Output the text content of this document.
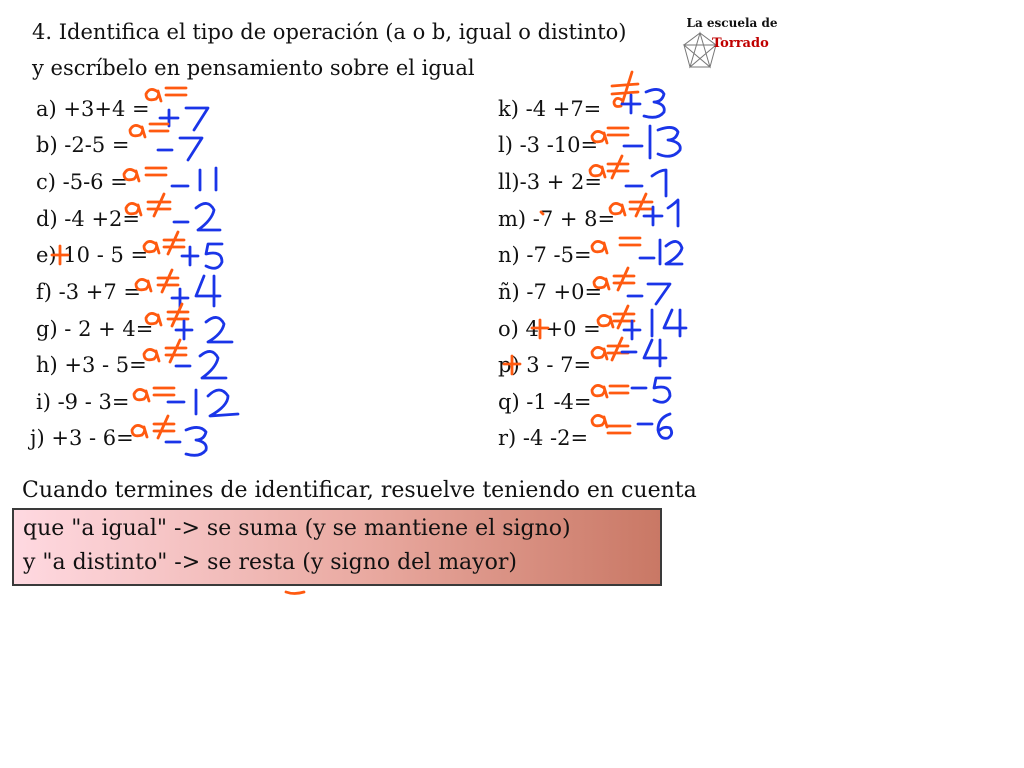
4. Identifica el tipo de operación (a o b, igual o distinto)
y escríbelo en pensamiento sobre el igual
La escuela de
Torrado
a) +3+4 =
b) -2-5 =
c) -5-6 =
d) -4 +2=
e) 10 - 5 =
f) -3 +7 =
g) - 2 + 4=
h) +3 - 5=
i) -9 - 3=
j) +3 - 6=
k) -4 +7=
l) -3 -10=
ll)-3 + 2=
m) -7 + 8=
n) -7 -5=
ñ) -7 +0=
o) 4 +0 =
p) 3 - 7=
q) -1 -4=
r) -4 -2=
Cuando termines de identificar, resuelve teniendo en cuenta
que "a igual" -> se suma (y se mantiene el signo)
y "a distinto" -> se resta (y signo del mayor)
